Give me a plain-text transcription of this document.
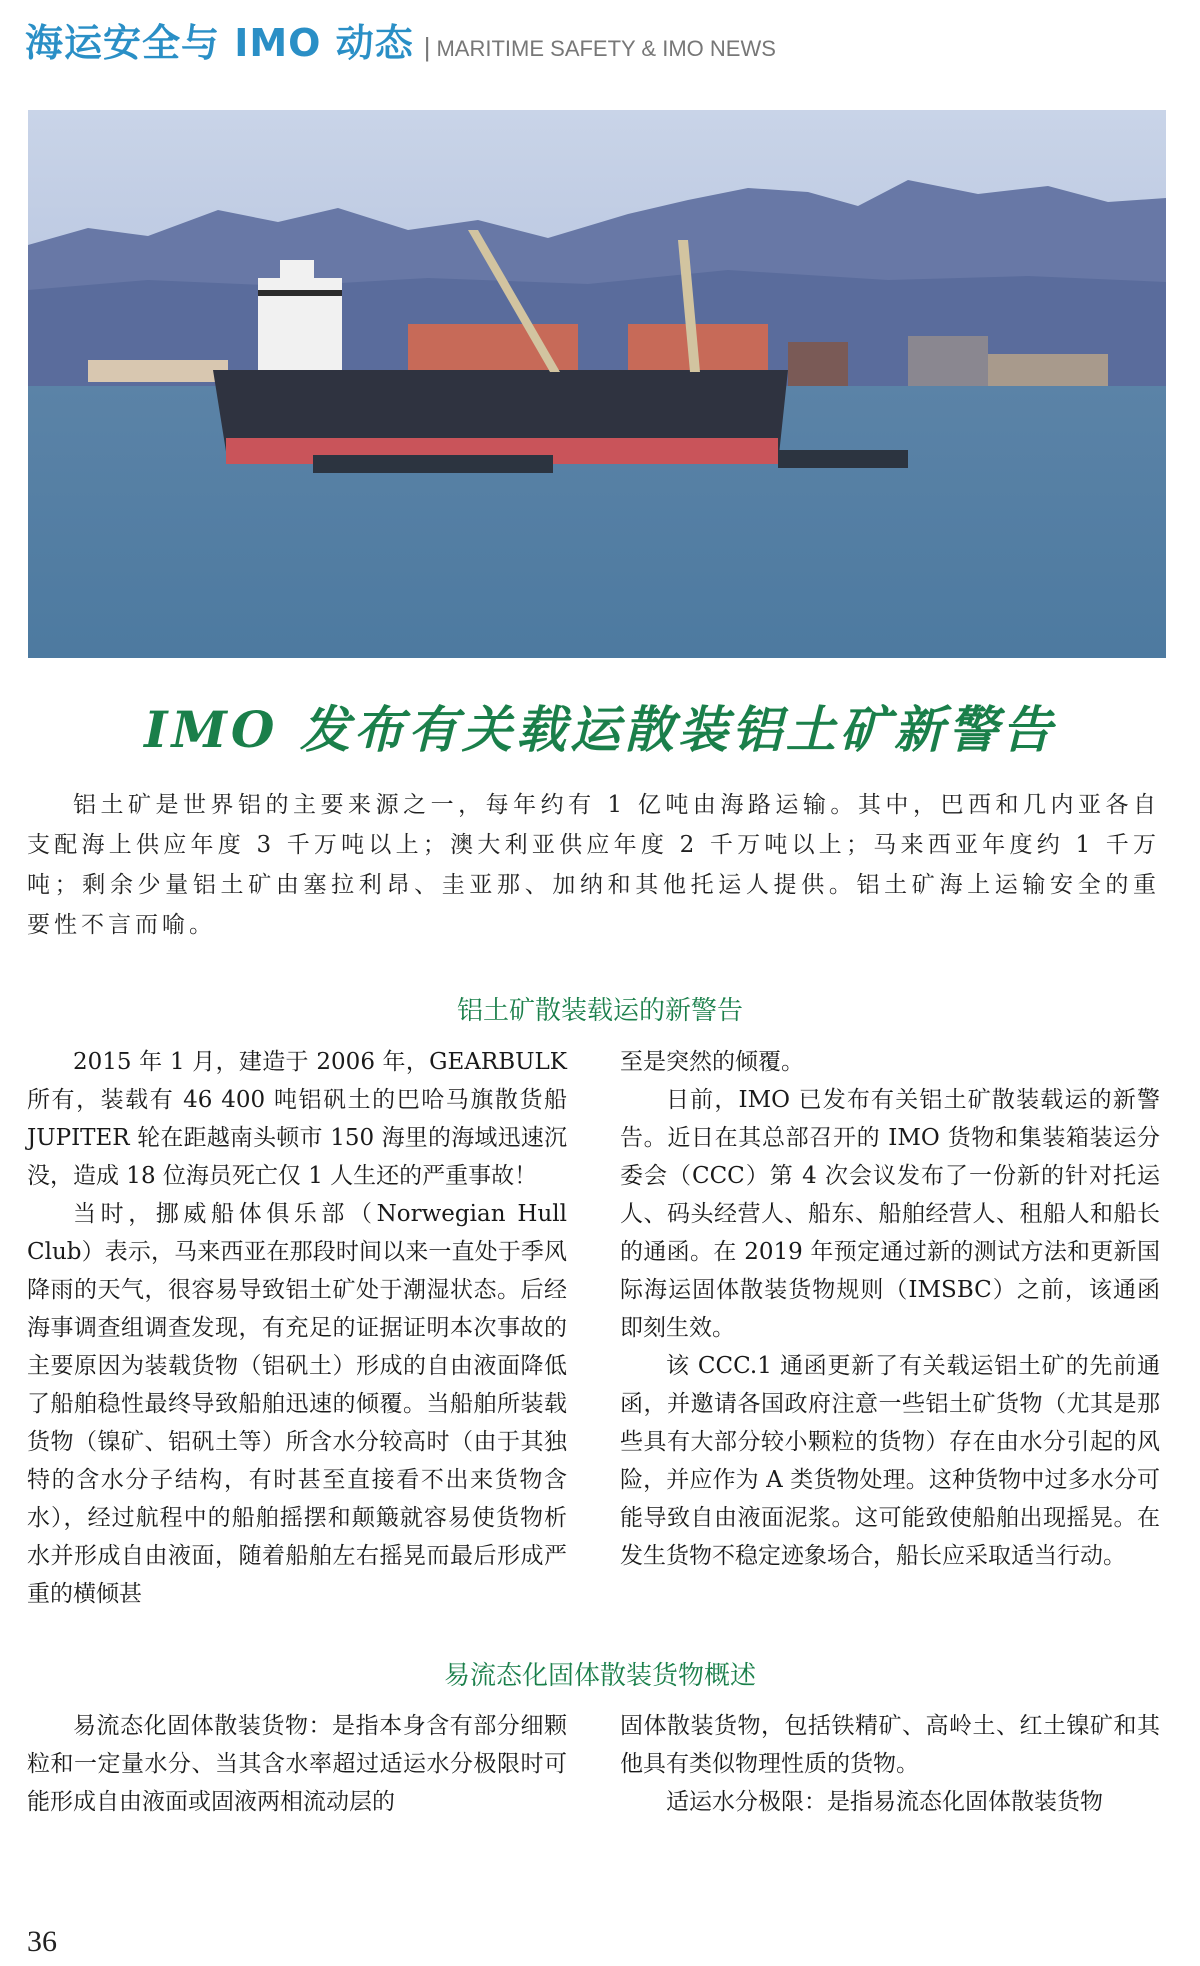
海运安全与 IMO 动态 | MARITIME SAFETY & IMO NEWS
IMO 发布有关载运散装铝土矿新警告

铝土矿是世界铝的主要来源之一，每年约有 1 亿吨由海路运输。其中，巴西和几内亚各自支配海上供应年度 3 千万吨以上；澳大利亚供应年度 2 千万吨以上；马来西亚年度约 1 千万吨；剩余少量铝土矿由塞拉利昂、圭亚那、加纳和其他托运人提供。铝土矿海上运输安全的重要性不言而喻。

铝土矿散装载运的新警告

2015 年 1 月，建造于 2006 年，GEARBULK 所有，装载有 46 400 吨铝矾土的巴哈马旗散货船 JUPITER 轮在距越南头顿市 150 海里的海域迅速沉没，造成 18 位海员死亡仅 1 人生还的严重事故！

当时，挪威船体俱乐部（Norwegian Hull Club）表示，马来西亚在那段时间以来一直处于季风降雨的天气，很容易导致铝土矿处于潮湿状态。后经海事调查组调查发现，有充足的证据证明本次事故的主要原因为装载货物（铝矾土）形成的自由液面降低了船舶稳性最终导致船舶迅速的倾覆。当船舶所装载货物（镍矿、铝矾土等）所含水分较高时（由于其独特的含水分子结构，有时甚至直接看不出来货物含水），经过航程中的船舶摇摆和颠簸就容易使货物析水并形成自由液面，随着船舶左右摇晃而最后形成严重的横倾甚

至是突然的倾覆。

日前，IMO 已发布有关铝土矿散装载运的新警告。近日在其总部召开的 IMO 货物和集装箱装运分委会（CCC）第 4 次会议发布了一份新的针对托运人、码头经营人、船东、船舶经营人、租船人和船长的通函。在 2019 年预定通过新的测试方法和更新国际海运固体散装货物规则（IMSBC）之前，该通函即刻生效。

该 CCC.1 通函更新了有关载运铝土矿的先前通函，并邀请各国政府注意一些铝土矿货物（尤其是那些具有大部分较小颗粒的货物）存在由水分引起的风险，并应作为 A 类货物处理。这种货物中过多水分可能导致自由液面泥浆。这可能致使船舶出现摇晃。在发生货物不稳定迹象场合，船长应采取适当行动。

易流态化固体散装货物概述

易流态化固体散装货物：是指本身含有部分细颗粒和一定量水分、当其含水率超过适运水分极限时可能形成自由液面或固液两相流动层的

固体散装货物，包括铁精矿、高岭土、红土镍矿和其他具有类似物理性质的货物。

适运水分极限：是指易流态化固体散装货物

36
